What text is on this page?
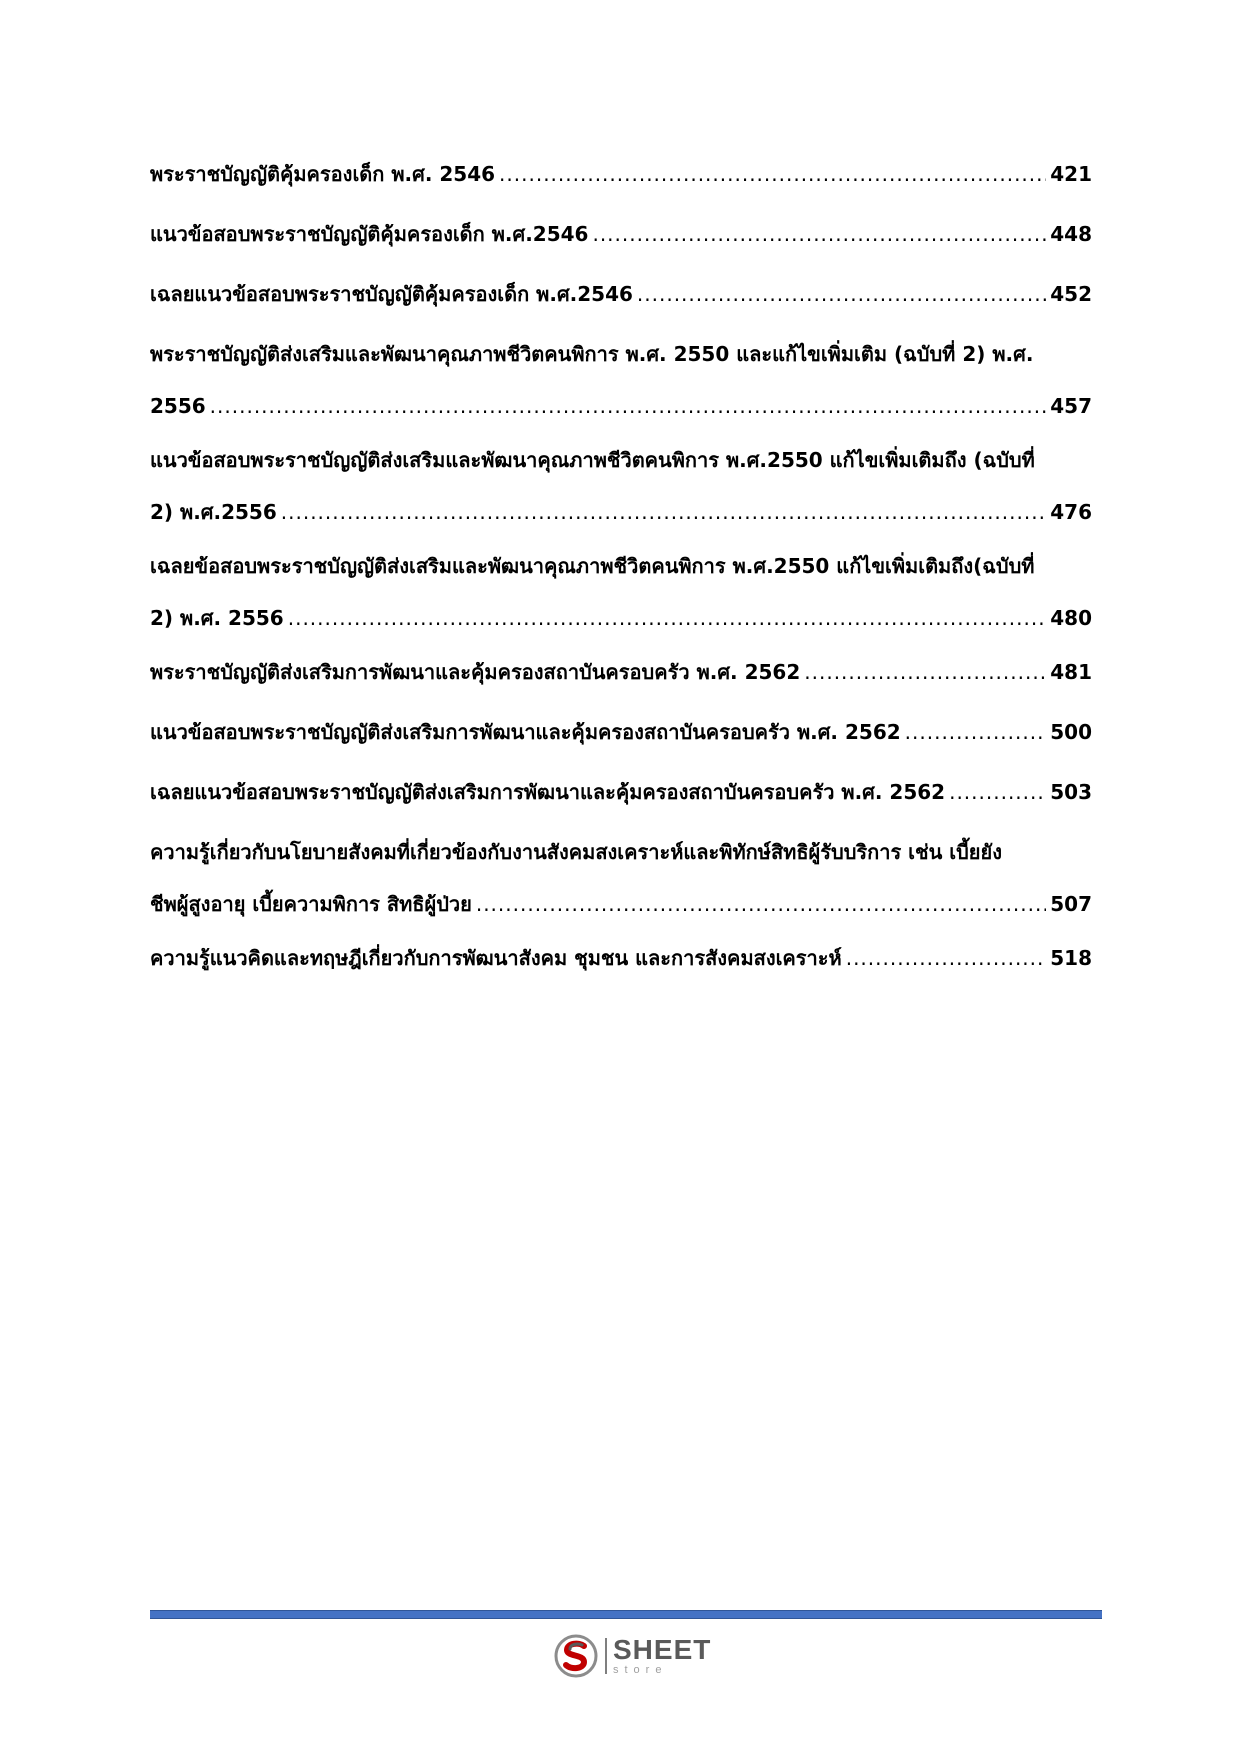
พระราชบัญญัติคุ้มครองเด็ก พ.ศ. 2546 .....	421
แนวข้อสอบพระราชบัญญัติคุ้มครองเด็ก พ.ศ.2546 .....	448
เฉลยแนวข้อสอบพระราชบัญญัติคุ้มครองเด็ก พ.ศ.2546 .....	452
พระราชบัญญัติส่งเสริมและพัฒนาคุณภาพชีวิตคนพิการ พ.ศ. 2550 และแก้ไขเพิ่มเติม (ฉบับที่ 2) พ.ศ.
2556 .....	457
แนวข้อสอบพระราชบัญญัติส่งเสริมและพัฒนาคุณภาพชีวิตคนพิการ พ.ศ.2550 แก้ไขเพิ่มเติมถึง (ฉบับที่
2) พ.ศ.2556 .....	476
เฉลยข้อสอบพระราชบัญญัติส่งเสริมและพัฒนาคุณภาพชีวิตคนพิการ พ.ศ.2550 แก้ไขเพิ่มเติมถึง(ฉบับที่
2) พ.ศ. 2556 .....	480
พระราชบัญญัติส่งเสริมการพัฒนาและคุ้มครองสถาบันครอบครัว พ.ศ. 2562 .....	481
แนวข้อสอบพระราชบัญญัติส่งเสริมการพัฒนาและคุ้มครองสถาบันครอบครัว พ.ศ. 2562 .....	500
เฉลยแนวข้อสอบพระราชบัญญัติส่งเสริมการพัฒนาและคุ้มครองสถาบันครอบครัว พ.ศ. 2562 .....	503
ความรู้เกี่ยวกับนโยบายสังคมที่เกี่ยวข้องกับงานสังคมสงเคราะห์และพิทักษ์สิทธิผู้รับบริการ เช่น เบี้ยยัง
ชีพผู้สูงอายุ เบี้ยความพิการ สิทธิผู้ป่วย .....	507
ความรู้แนวคิดและทฤษฎีเกี่ยวกับการพัฒนาสังคม ชุมชน และการสังคมสงเคราะห์ .....	518
SHEET
store
